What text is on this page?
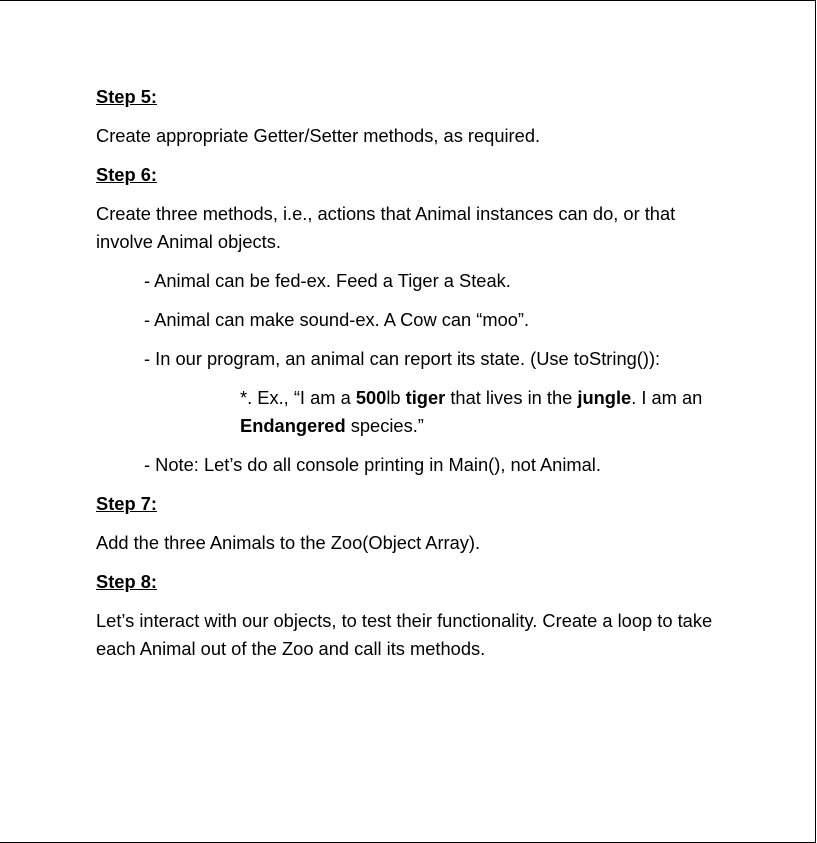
Step 5:
Create appropriate Getter/Setter methods, as required.
Step 6:
Create three methods, i.e., actions that Animal instances can do, or that involve Animal objects.
- Animal can be fed-ex. Feed a Tiger a Steak.
- Animal can make sound-ex. A Cow can “moo”.
- In our program, an animal can report its state. (Use toString()):
*. Ex., “I am a 500lb tiger that lives in the jungle. I am an Endangered species.”
- Note: Let’s do all console printing in Main(), not Animal.
Step 7:
Add the three Animals to the Zoo(Object Array).
Step 8:
Let’s interact with our objects, to test their functionality. Create a loop to take each Animal out of the Zoo and call its methods.
